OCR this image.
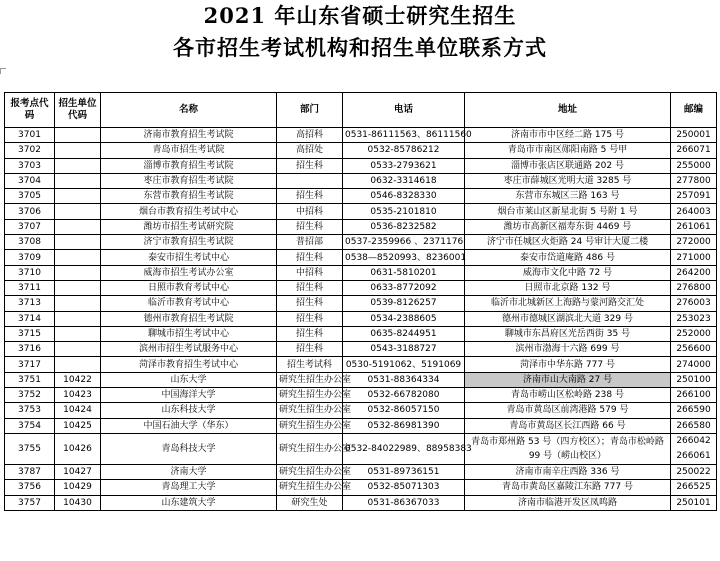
2021 年山东省硕士研究生招生
各市招生考试机构和招生单位联系方式
报考点代码	招生单位代码	名称	部门	电话	地址	邮编
3701		济南市教育招生考试院	高招科	0531-86111563、86111560	济南市市中区经二路 175 号	250001
3702		青岛市招生考试院	高招处	0532-85786212	青岛市市南区郧阳南路 5 号甲	266071
3703		淄博市教育招生考试院	招生科	0533-2793621	淄博市张店区联通路 202 号	255000
3704		枣庄市教育招生考试院		0632-3314618	枣庄市薛城区光明大道 3285 号	277800
3705		东营市教育招生考试院	招生科	0546-8328330	东营市东城区三路 163 号	257091
3706		烟台市教育招生考试中心	中招科	0535-2101810	烟台市莱山区新星北街 5 号附 1 号	264003
3707		潍坊市招生考试研究院	招生科	0536-8232582	潍坊市高新区福寿东街 4469 号	261061
3708		济宁市教育招生考试院	普招部	0537-2359966 、2371176	济宁市任城区火炬路 24 号审计大厦二楼	272000
3709		泰安市招生考试中心	招生科	0538—8520993、8236001	泰安市岱道庵路 486 号	271000
3710		威海市招生考试办公室	中招科	0631-5810201	威海市文化中路 72 号	264200
3711		日照市教育考试中心	招生科	0633-8772092	日照市北京路 132 号	276800
3713		临沂市教育考试中心	招生科	0539-8126257	临沂市北城新区上海路与蒙河路交汇处	276003
3714		德州市教育招生考试院	招生科	0534-2388605	德州市德城区湖滨北大道 329 号	253023
3715		聊城市招生考试中心	招生科	0635-8244951	聊城市东昌府区光岳西街 35 号	252000
3716		滨州市招生考试服务中心	招生科	0543-3188727	滨州市渤海十六路 699 号	256600
3717		菏泽市教育招生考试中心	招生考试科	0530-5191062、5191069	菏泽市中华东路 777 号	274000
3751	10422	山东大学	研究生招生办公室	0531-88364334	济南市山大南路 27 号	250100
3752	10423	中国海洋大学	研究生招生办公室	0532-66782080	青岛市崂山区松岭路 238 号	266100
3753	10424	山东科技大学	研究生招生办公室	0532-86057150	青岛市黄岛区前湾港路 579 号	266590
3754	10425	中国石油大学（华东）	研究生招生办公室	0532-86981390	青岛市黄岛区长江西路 66 号	266580
3755	10426	青岛科技大学	研究生招生办公室	0532-84022989、88958383	青岛市郑州路 53 号（四方校区）；青岛市松岭路 99 号（崂山校区）	266042
266061

3787	10427	济南大学	研究生招生办公室	0531-89736151	济南市南辛庄西路 336 号	250022
3756	10429	青岛理工大学	研究生招生办公室	0532-85071303	青岛市黄岛区嘉陵江东路 777 号	266525
3757	10430	山东建筑大学	研究生处	0531-86367033	济南市临港开发区凤鸣路	250101
